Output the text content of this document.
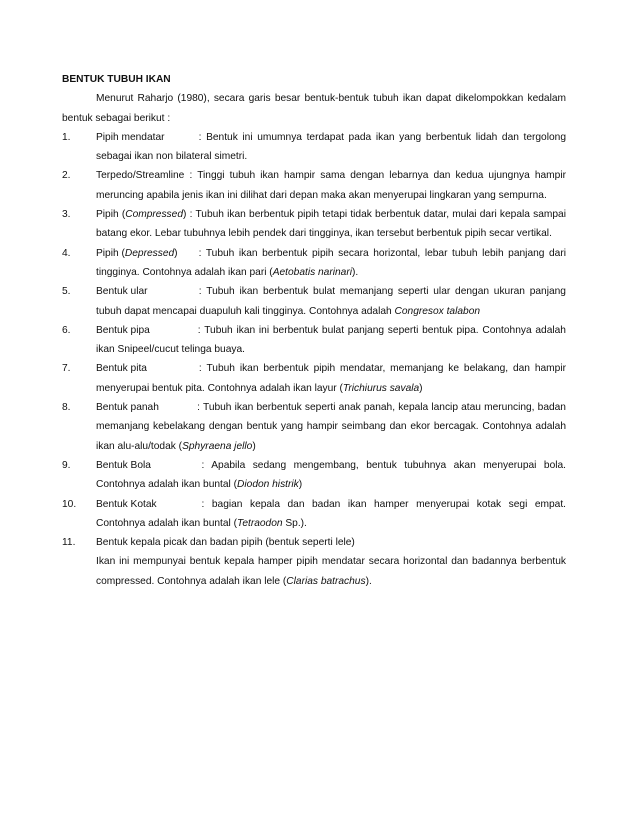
BENTUK TUBUH IKAN

Menurut Raharjo (1980), secara garis besar bentuk-bentuk tubuh ikan dapat dikelompokkan kedalam bentuk sebagai berikut :

1.	Pipih mendatar	: Bentuk ini umumnya terdapat pada ikan yang berbentuk lidah dan tergolong sebagai ikan non bilateral simetri.
2.	Terpedo/Streamline : Tinggi tubuh ikan hampir sama dengan lebarnya dan kedua ujungnya hampir meruncing apabila jenis ikan ini dilihat dari depan maka akan menyerupai lingkaran yang sempurna.
3.	Pipih (Compressed) : Tubuh ikan berbentuk pipih tetapi tidak berbentuk datar, mulai dari kepala sampai batang ekor. Lebar tubuhnya lebih pendek dari tingginya, ikan tersebut berbentuk pipih secar vertikal.
4.	Pipih (Depressed) : Tubuh ikan berbentuk pipih secara horizontal, lebar tubuh lebih panjang dari tingginya. Contohnya adalah ikan pari (Aetobatis narinari).
5.	Bentuk ular	: Tubuh ikan berbentuk bulat memanjang seperti ular dengan ukuran panjang tubuh dapat mencapai duapuluh kali tingginya. Contohnya adalah Congresox talabon
6.	Bentuk pipa	: Tubuh ikan ini berbentuk bulat panjang seperti bentuk pipa. Contohnya adalah ikan Snipeel/cucut telinga buaya.
7.	Bentuk pita	: Tubuh ikan berbentuk pipih mendatar, memanjang ke belakang, dan hampir menyerupai bentuk pita. Contohnya adalah ikan layur (Trichiurus savala)
8.	Bentuk panah	: Tubuh ikan berbentuk seperti anak panah, kepala lancip atau meruncing, badan memanjang kebelakang dengan bentuk yang hampir seimbang dan ekor bercagak. Contohnya adalah ikan alu-alu/todak (Sphyraena jello)
9.	Bentuk Bola	: Apabila sedang mengembang, bentuk tubuhnya akan menyerupai bola. Contohnya adalah ikan buntal (Diodon histrik)
10. Bentuk Kotak	: bagian kepala dan badan ikan hamper menyerupai kotak segi empat. Contohnya adalah ikan buntal (Tetraodon Sp.).
11. Bentuk kepala picak dan badan pipih (bentuk seperti lele)
Ikan ini mempunyai bentuk kepala hamper pipih mendatar secara horizontal dan badannya berbentuk compressed. Contohnya adalah ikan lele (Clarias batrachus).
